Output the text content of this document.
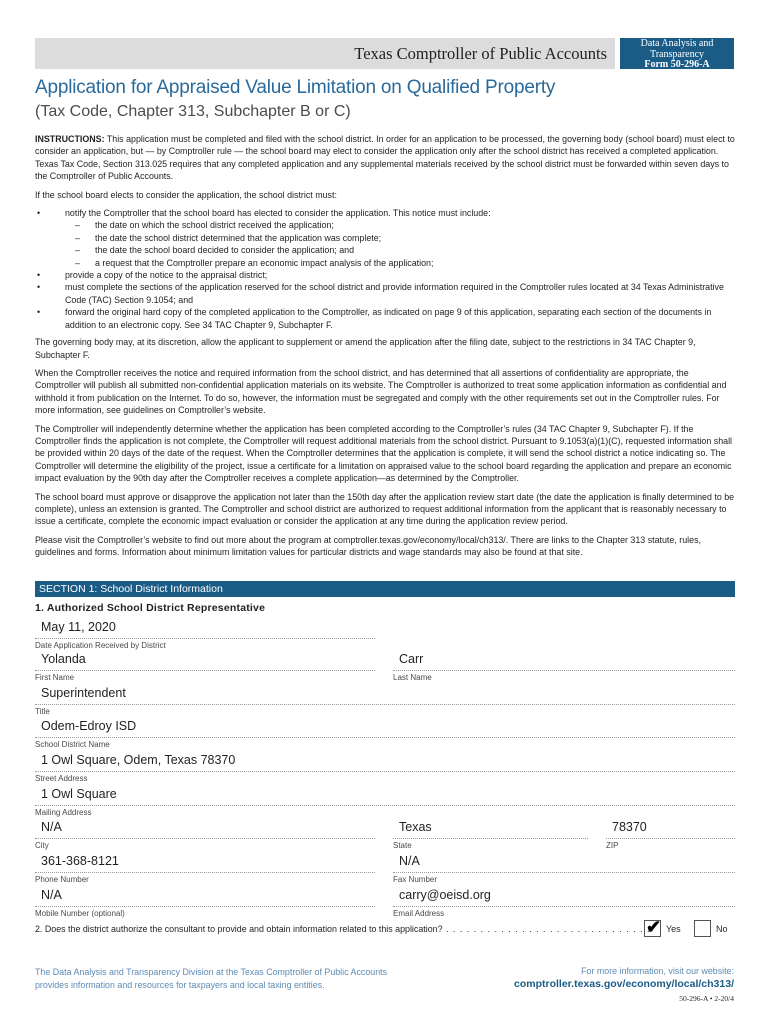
Texas Comptroller of Public Accounts
Data Analysis and
Transparency
Form 50-296-A
Application for Appraised Value Limitation on Qualified Property
(Tax Code, Chapter 313, Subchapter B or C)

INSTRUCTIONS: This application must be completed and filed with the school district. In order for an application to be processed, the governing body (school board) must elect to consider an application, but — by Comptroller rule — the school board may elect to consider the application only after the school district has received a completed application. Texas Tax Code, Section 313.025 requires that any completed application and any supplemental materials received by the school district must be forwarded within seven days to the Comptroller of Public Accounts.

If the school board elects to consider the application, the school district must:

•	notify the Comptroller that the school board has elected to consider the application. This notice must include:
– the date on which the school district received the application;
– the date the school district determined that the application was complete;
– the date the school board decided to consider the application; and
– a request that the Comptroller prepare an economic impact analysis of the application;
•	provide a copy of the notice to the appraisal district;
•	must complete the sections of the application reserved for the school district and provide information required in the Comptroller rules located at 34 Texas Administrative Code (TAC) Section 9.1054; and
•	forward the original hard copy of the completed application to the Comptroller, as indicated on page 9 of this application, separating each section of the documents in addition to an electronic copy. See 34 TAC Chapter 9, Subchapter F.

The governing body may, at its discretion, allow the applicant to supplement or amend the application after the filing date, subject to the restrictions in 34 TAC Chapter 9, Subchapter F.

When the Comptroller receives the notice and required information from the school district, and has determined that all assertions of confidentiality are appropriate, the Comptroller will publish all submitted non-confidential application materials on its website. The Comptroller is authorized to treat some application information as confidential and withhold it from publication on the Internet. To do so, however, the information must be segregated and comply with the other requirements set out in the Comptroller rules. For more information, see guidelines on Comptroller’s website.

The Comptroller will independently determine whether the application has been completed according to the Comptroller’s rules (34 TAC Chapter 9, Subchapter F). If the Comptroller finds the application is not complete, the Comptroller will request additional materials from the school district. Pursuant to 9.1053(a)(1)(C), requested information shall be provided within 20 days of the date of the request. When the Comptroller determines that the application is complete, it will send the school district a notice indicating so. The Comptroller will determine the eligibility of the project, issue a certificate for a limitation on appraised value to the school board regarding the application and prepare an economic impact evaluation by the 90th day after the Comptroller receives a complete application—as determined by the Comptroller.

The school board must approve or disapprove the application not later than the 150th day after the application review start date (the date the application is finally determined to be complete), unless an extension is granted. The Comptroller and school district are authorized to request additional information from the applicant that is reasonably necessary to issue a certificate, complete the economic impact evaluation or consider the application at any time during the application review period.

Please visit the Comptroller’s website to find out more about the program at comptroller.texas.gov/economy/local/ch313/. There are links to the Chapter 313 statute, rules, guidelines and forms. Information about minimum limitation values for particular districts and wage standards may also be found at that site.

SECTION 1: School District Information
1. Authorized School District Representative
May 11, 2020
Date Application Received by District
Yolanda
First Name
Carr
Last Name
Superintendent
Title
Odem-Edroy ISD
School District Name
1 Owl Square, Odem, Texas 78370
Street Address
1 Owl Square
Mailing Address
N/A
City
Texas
State
78370
ZIP
361-368-8121
Phone Number
N/A
Fax Number
N/A
Mobile Number (optional)
carry@oeisd.org
Email Address
2. Does the district authorize the consultant to provide and obtain information related to this application? . . . . . . . . . . . . . . . . . . . . . . . . . . . . . .
✔ Yes	No
The Data Analysis and Transparency Division at the Texas Comptroller of Public Accounts
provides information and resources for taxpayers and local taxing entities.
For more information, visit our website:
comptroller.texas.gov/economy/local/ch313/
50-296-A • 2-20/4
